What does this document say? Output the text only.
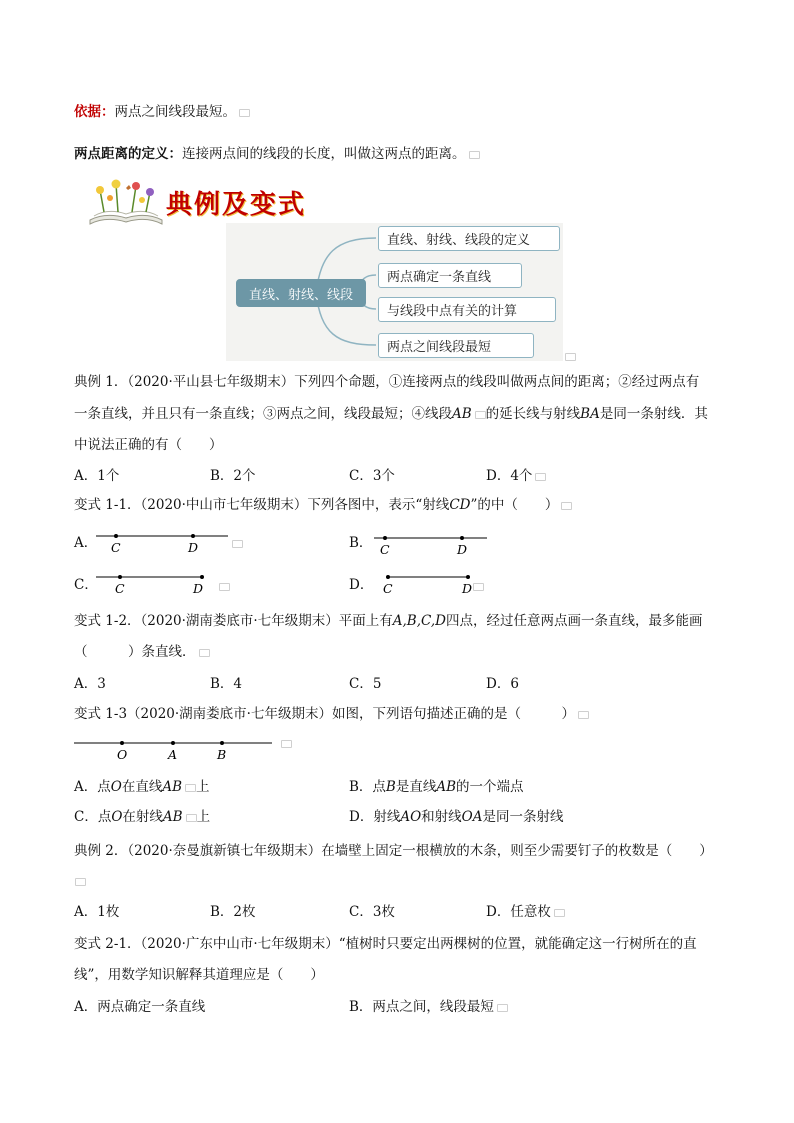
依据：两点之间线段最短。
两点距离的定义：连接两点间的线段的长度，叫做这两点的距离。
典例及变式
直线、射线、线段
直线、射线、线段的定义
两点确定一条直线
与线段中点有关的计算
两点之间线段最短
典例 1．（2020·平山县七年级期末）下列四个命题，①连接两点的线段叫做两点间的距离；②经过两点有
一条直线，并且只有一条直线；③两点之间，线段最短；④线段AB 的延长线与射线BA是同一条射线．其
中说法正确的有（　　）
A．1个	B．2个	C．3个	D．4个
变式 1-1．（2020·中山市七年级期末）下列各图中，表示“射线CD”的中（　　）
A． C	D	B． C	D
C． C	D	D． C	D
变式 1-2．（2020·湖南娄底市·七年级期末）平面上有A,B,C,D四点，经过任意两点画一条直线，最多能画
（　　　）条直线．
A．3	B．4	C．5	D．6
变式 1-3（2020·湖南娄底市·七年级期末）如图，下列语句描述正确的是（　　　）
O	A	B
A．点O在直线AB 上	B．点B是直线AB的一个端点
C．点O在射线AB 上	D．射线AO和射线OA是同一条射线
典例 2．（2020·奈曼旗新镇七年级期末）在墙壁上固定一根横放的木条，则至少需要钉子的枚数是（　　）
A．1枚	B．2枚	C．3枚	D．任意枚
变式 2-1．（2020·广东中山市·七年级期末）“植树时只要定出两棵树的位置，就能确定这一行树所在的直
线”，用数学知识解释其道理应是（　　）
A．两点确定一条直线	B．两点之间，线段最短
